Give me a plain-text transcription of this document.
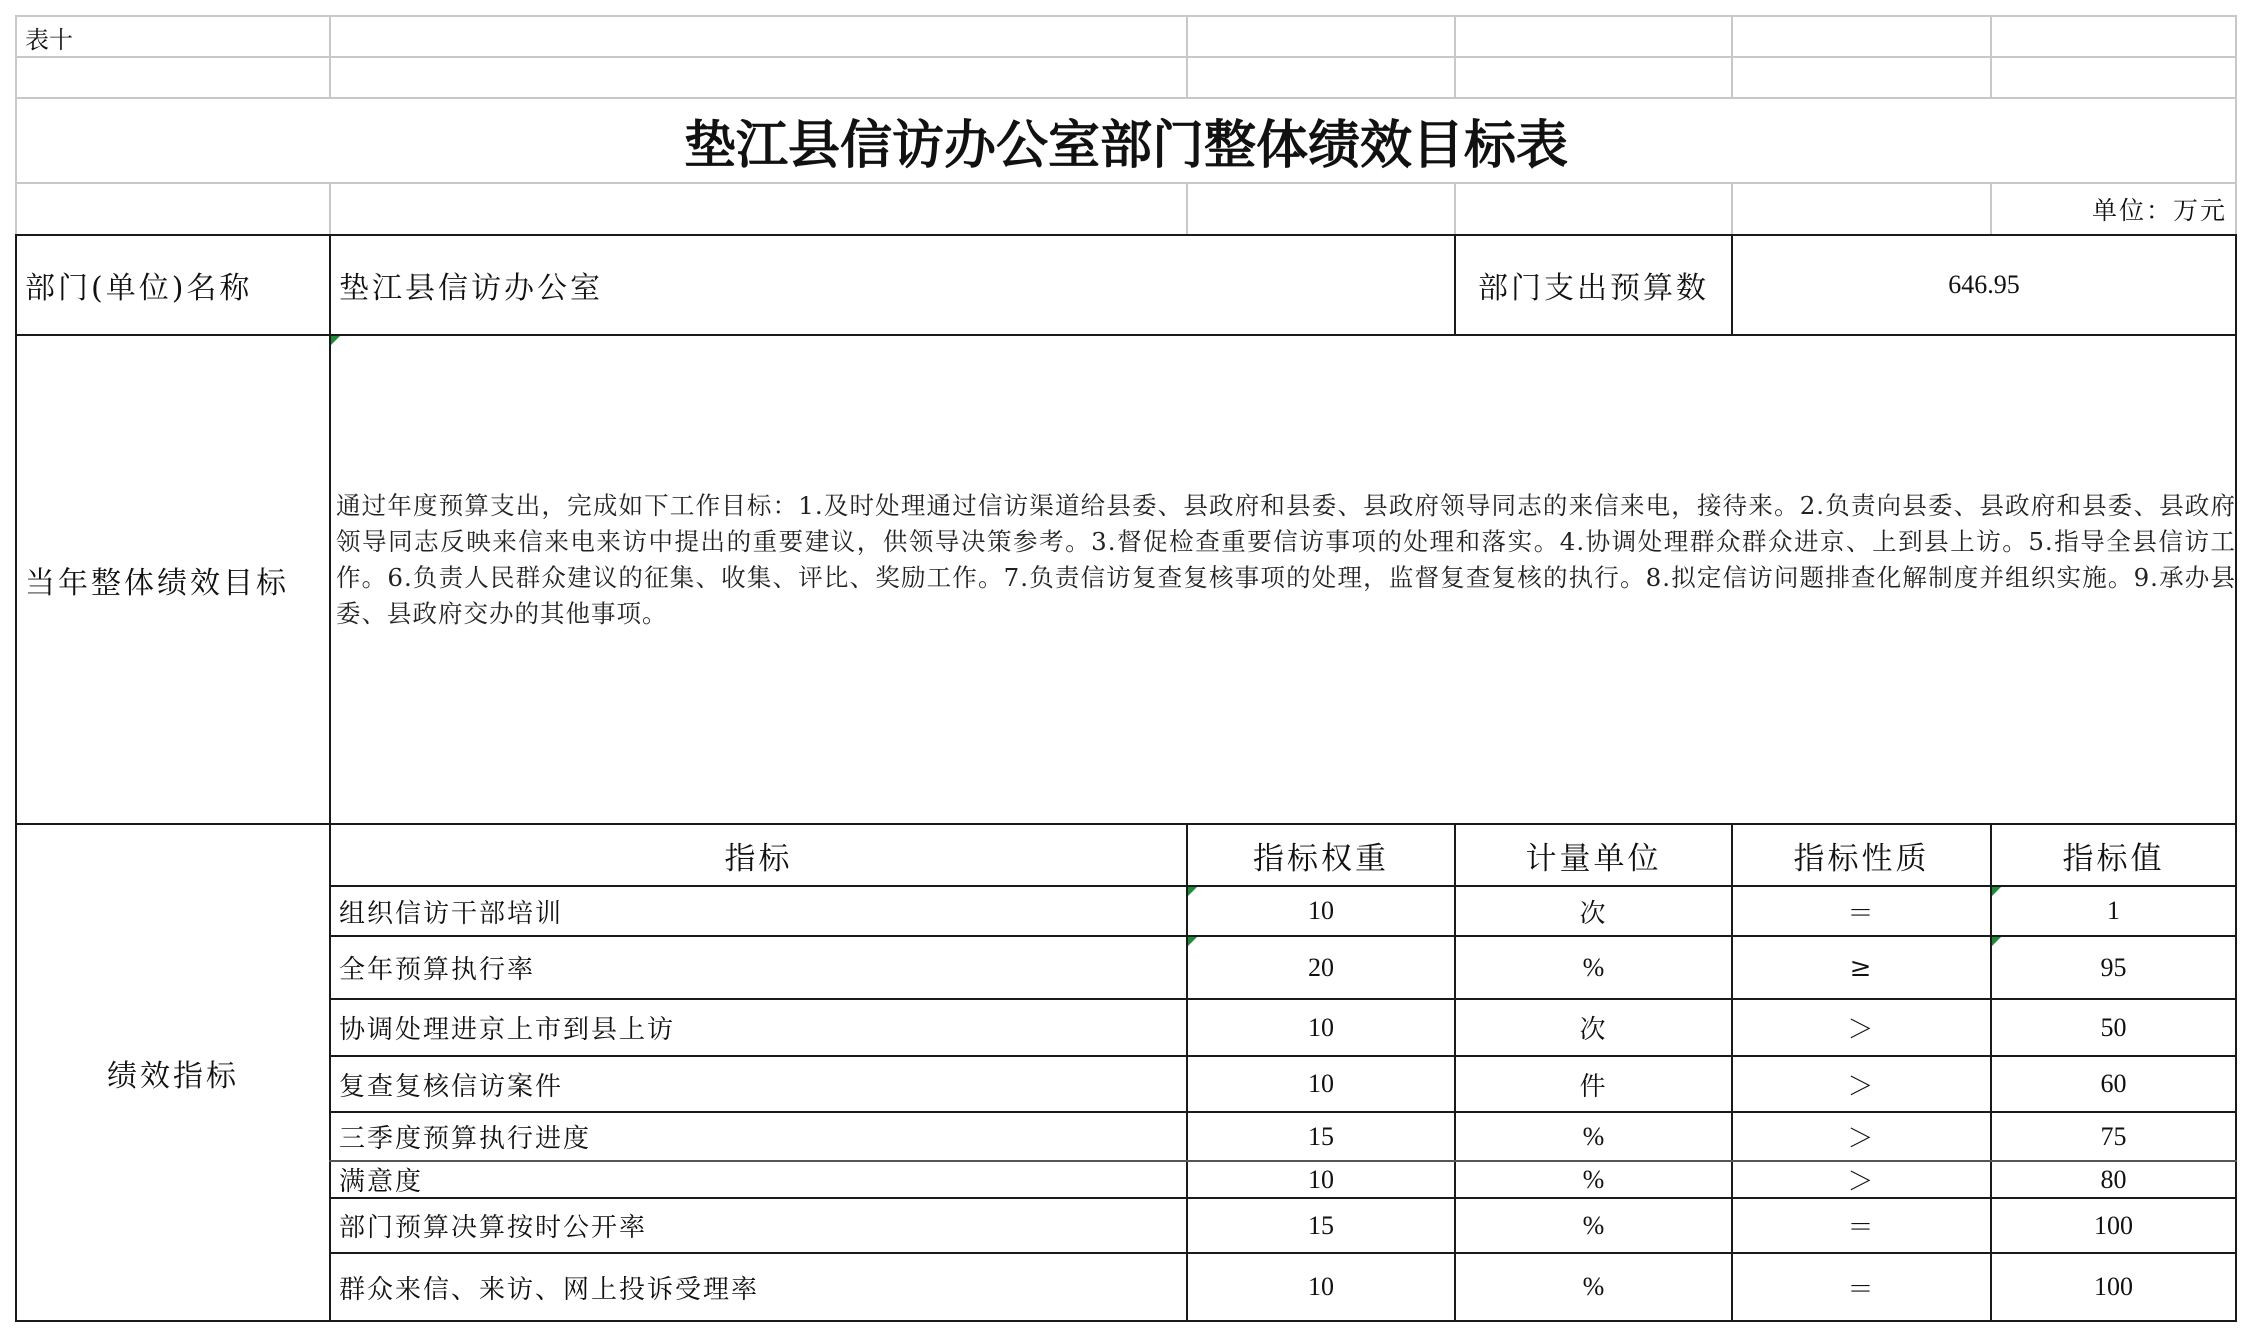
表十
垫江县信访办公室部门整体绩效目标表
单位：万元
部门(单位)名称	垫江县信访办公室	部门支出预算数	646.95
当年整体绩效目标
通过年度预算支出，完成如下工作目标：1.及时处理通过信访渠道给县委、县政府和县委、县政府领导同志的来信来电，接待来。2.负责向县委、县政府和县委、县政府领导同志反映来信来电来访中提出的重要建议，供领导决策参考。3.督促检查重要信访事项的处理和落实。4.协调处理群众群众进京、上到县上访。5.指导全县信访工作。6.负责人民群众建议的征集、收集、评比、奖励工作。7.负责信访复查复核事项的处理，监督复查复核的执行。8.拟定信访问题排查化解制度并组织实施。9.承办县委、县政府交办的其他事项。
绩效指标
指标	指标权重	计量单位	指标性质	指标值
组织信访干部培训	10	次	＝	1
全年预算执行率	20	%	≥	95
协调处理进京上市到县上访	10	次	＞	50
复查复核信访案件	10	件	＞	60
三季度预算执行进度	15	%	＞	75
满意度	10	%	＞	80
部门预算决算按时公开率	15	%	＝	100
群众来信、来访、网上投诉受理率	10	%	＝	100
